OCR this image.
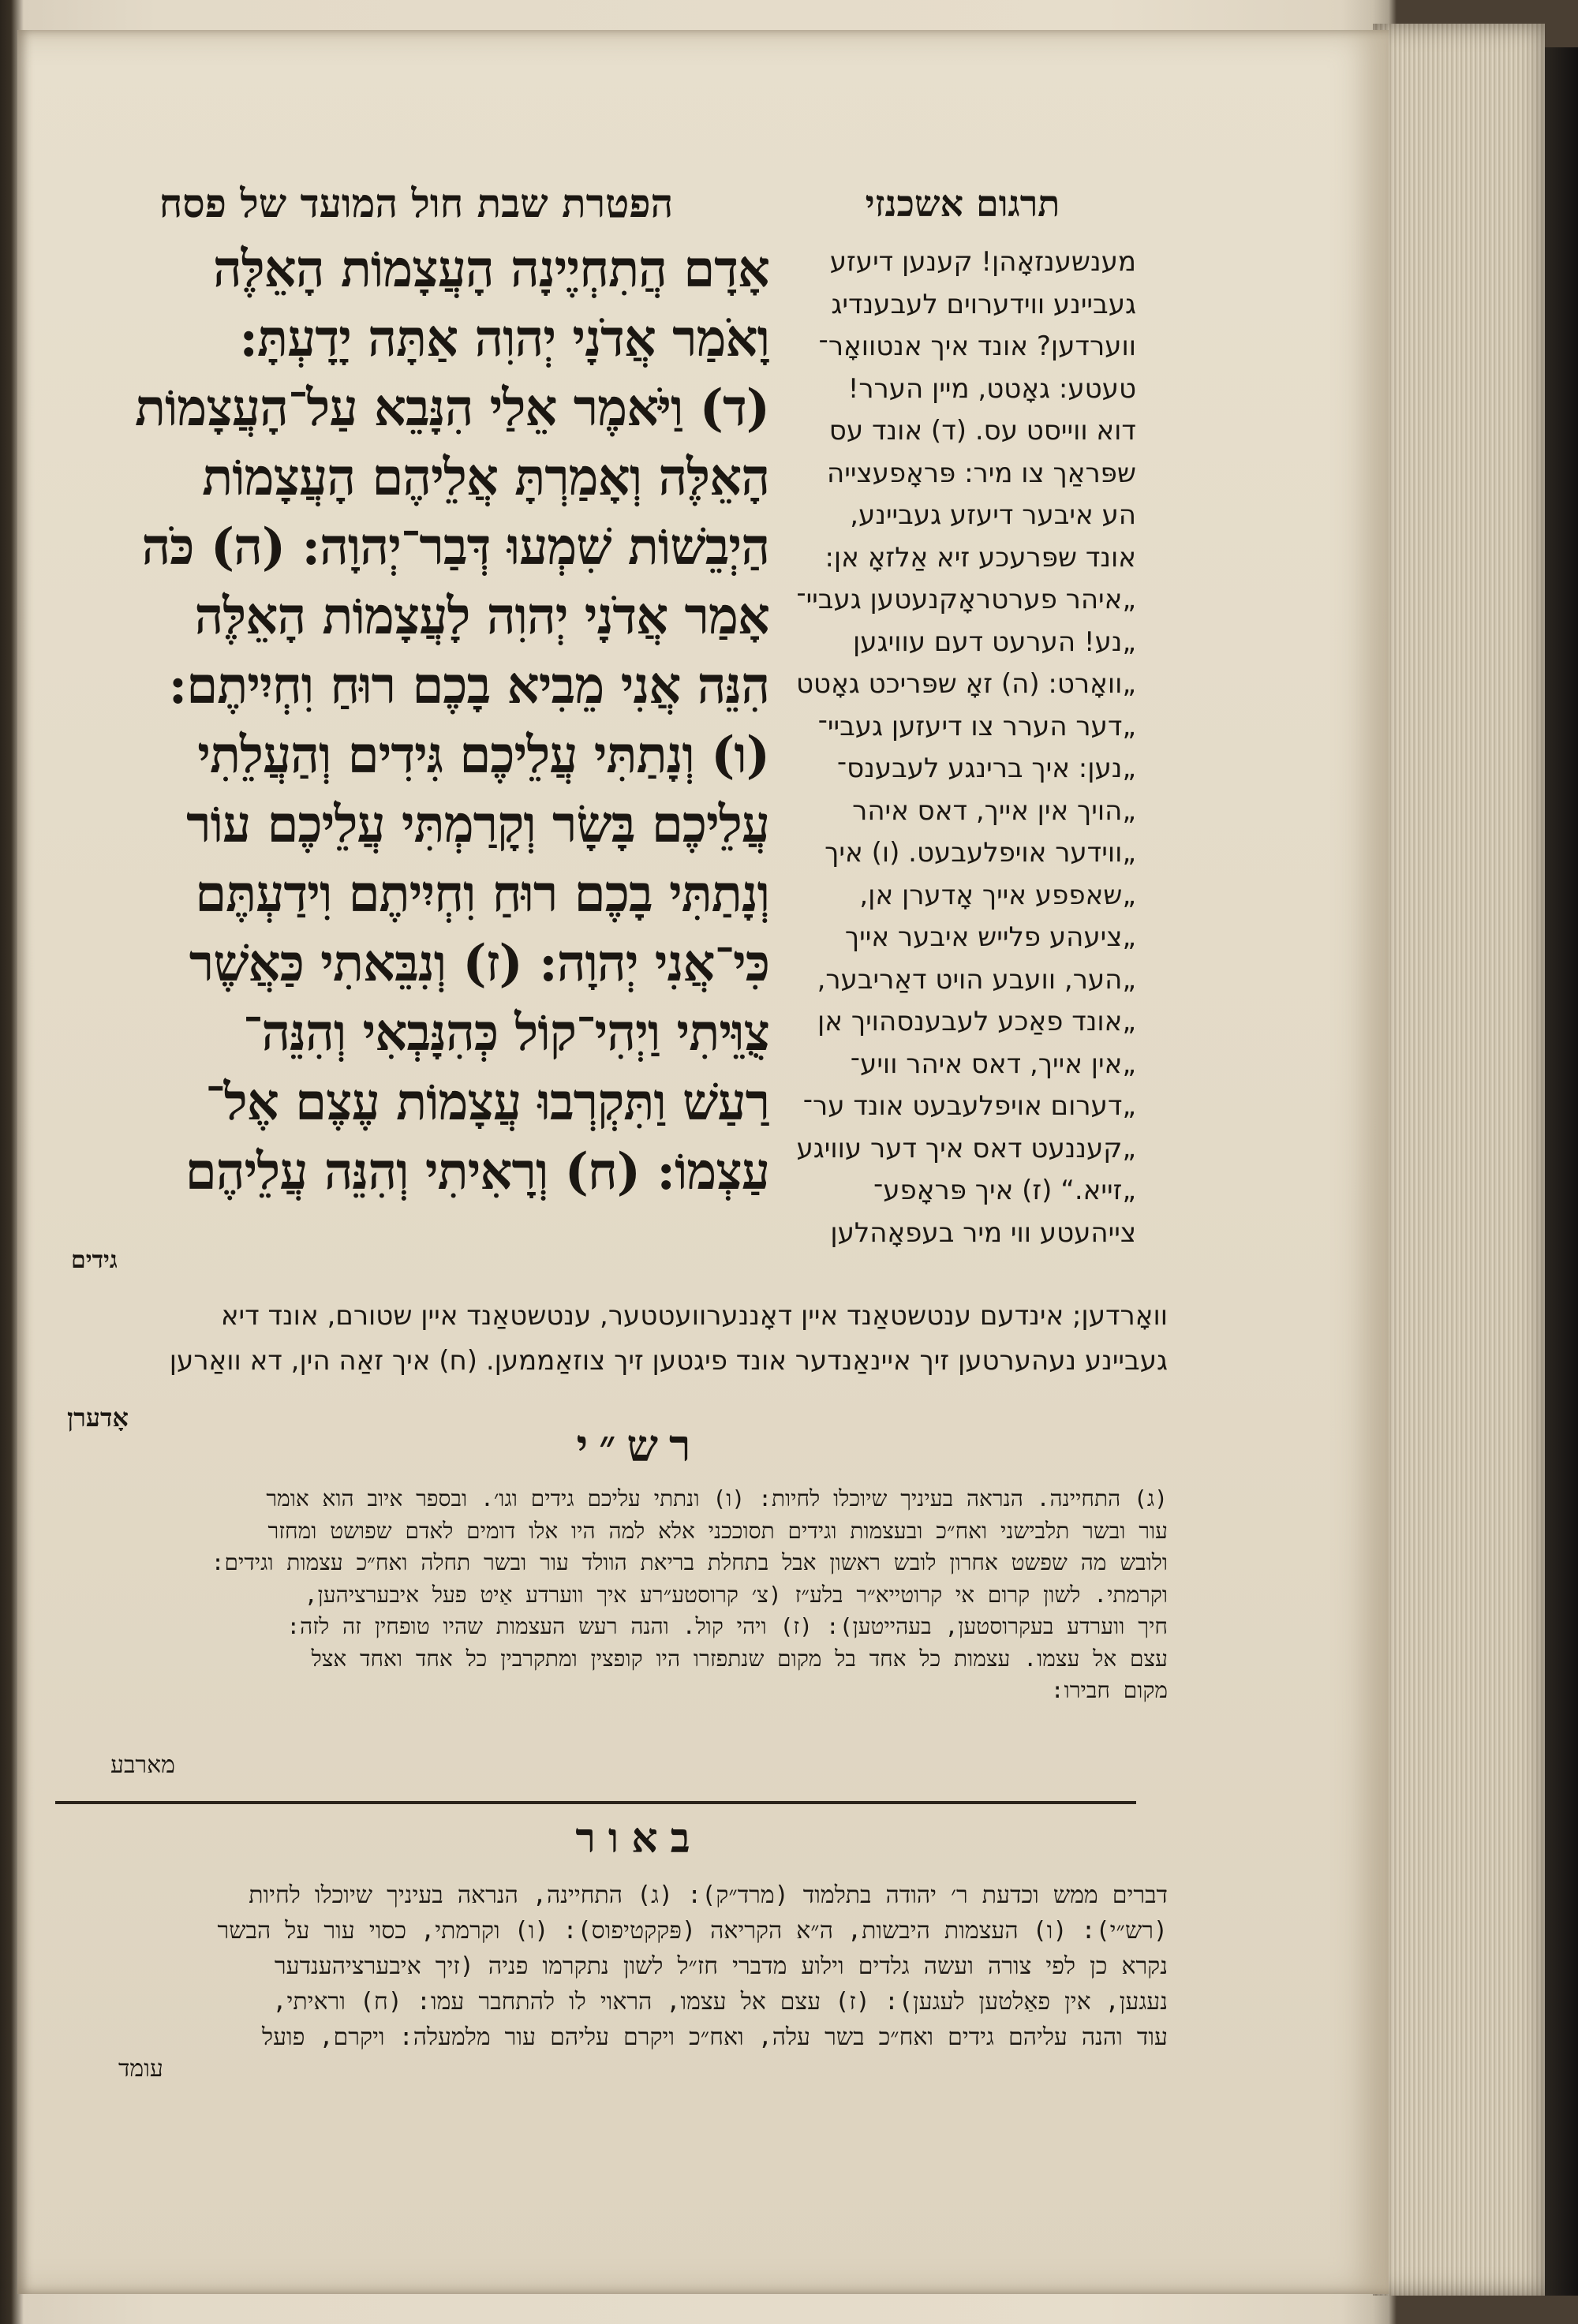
תרגום אשכנזי
מענשענזאָהן! קענען דיעזע
געביינע ווידערוים לעבענדיג
ווערדען? אונד איך אנטוואָר־
טעטע: גאָטט, מיין הערר!
דוא ווייסט עס. (ד) אונד עס
שפּראַך צו מיר: פּראָפעצייה
הע איבער דיעזע געביינע,
אונד שפּרעכע זיא אַלזאָ אן:
„איהר פערטראָקנעטען געביי־
„נע! הערעט דעם עוויגען
„וואָרט: (ה) זאָ שפּריכט גאָטט
„דער הערר צו דיעזען געביי־
„נען: איך ברינגע לעבענס־
„הויך אין אייך, דאס איהר
„ווידער אויפלעבעט. (ו) איך
„שאפפע אייך אָדערן אן,
„ציעהע פלייש איבער אייך
„הער, וועבע הויט דאַריבער,
„אונד פאַכע לעבענסהויך אן
„אין אייך, דאס איהר וויע־
„דערום אויפלעבעט אונד ער־
„קעננעט דאס איך דער עוויגע
„זייא.“ (ז) איך פּראָפע־
צייהעטע ווי מיר בעפאָהלען
הפטרת שבת חול המועד של פסח
אָדָם הֲתִחְיֶינָה הָעֲצָמוֹת הָאֵלֶּה
וָאֹמַר אֲדֹנָי יְהוִה אַתָּה יָדָעְתָּ:
(ד) וַיֹּאמֶר אֵלַי הִנָּבֵא עַל־הָעֲצָמוֹת
הָאֵלֶּה וְאָמַרְתָּ אֲלֵיהֶם הָעֲצָמוֹת
הַיְבֵשׁוֹת שִׁמְעוּ דְּבַר־יְהוָה: (ה) כֹּה
אָמַר אֲדֹנָי יְהוִה לָעֲצָמוֹת הָאֵלֶּה
הִנֵּה אֲנִי מֵבִיא בָכֶם רוּחַ וִחְיִיתֶם:
(ו) וְנָתַתִּי עֲלֵיכֶם גִּידִים וְהַעֲלֵתִי
עֲלֵיכֶם בָּשָׂר וְקָרַמְתִּי עֲלֵיכֶם עוֹר
וְנָתַתִּי בָכֶם רוּחַ וִחְיִיתֶם וִידַעְתֶּם
כִּי־אֲנִי יְהוָה: (ז) וְנִבֵּאתִי כַּאֲשֶׁר
צֻוֵּיתִי וַיְהִי־קוֹל כְּהִנָּבְאִי וְהִנֵּה־
רַעַשׁ וַתִּקְרְבוּ עֲצָמוֹת עֶצֶם אֶל־
עַצְמוֹ: (ח) וְרָאִיתִי וְהִנֵּה עֲלֵיהֶם
גידים
וואָרדען; אינדעם ענטשטאַנד איין דאָננערוועטטער, ענטשטאַנד איין שטורם, אונד דיא
געביינע נעהערטען זיך איינאַנדער אונד פיגטען זיך צוזאַממען. (ח) איך זאַה הין, דא וואַרען
אָדערן
רש״י
(ג) התחיינה. הנראה בעיניך שיוכלו לחיות: (ו) ונתתי עליכם גידים וגו׳. ובספר איוב הוא אומר
עור ובשר תלבישני ואח״כ ובעצמות וגידים תסוככני אלא למה היו אלו דומים לאדם שפושט ומחזר
ולובש מה שפשט אחרון לובש ראשון אבל בתחלת בריאת הוולד עור ובשר תחלה ואח״כ עצמות וגידים:
וקרמתי. לשון קרום אי קרוטייא״ר בלע״ז (צ׳ קרוסטע״רע איך ווערדע אַיט פעל איבערציהען,
חיך ווערדע בעקרוסטען, בעהייטען): (ז) ויהי קול. והנה רעש העצמות שהיו טופחין זה לזה:
עצם אל עצמו. עצמות כל אחד בל מקום שנתפזרו היו קופצין ומתקרבין כל אחד ואחד אצל
מקום חבירו:
מארבע
באור
דברים ממש וכדעת ר׳ יהודה בתלמוד (מרד״ק): (ג) התחיינה, הנראה בעיניך שיוכלו לחיות
(רש״י): (ו) העצמות היבשות, ה״א הקריאה (פּקקטיפוס): (ו) וקרמתי, כסוי עור על הבשר
נקרא כן לפי צורה ועשה גלדים וילוע מדברי חז״ל לשון נתקרמו פניה (זיך איבערציהענדער
נעגען, אין פאַלטען לעגען): (ז) עצם אל עצמו, הראוי לו להתחבר עמו: (ח) וראיתי,
עוד והנה עליהם גידים ואח״כ בשר עלה, ואח״כ ויקרם עליהם עור מלמעלה: ויקרם, פועל
עומד
